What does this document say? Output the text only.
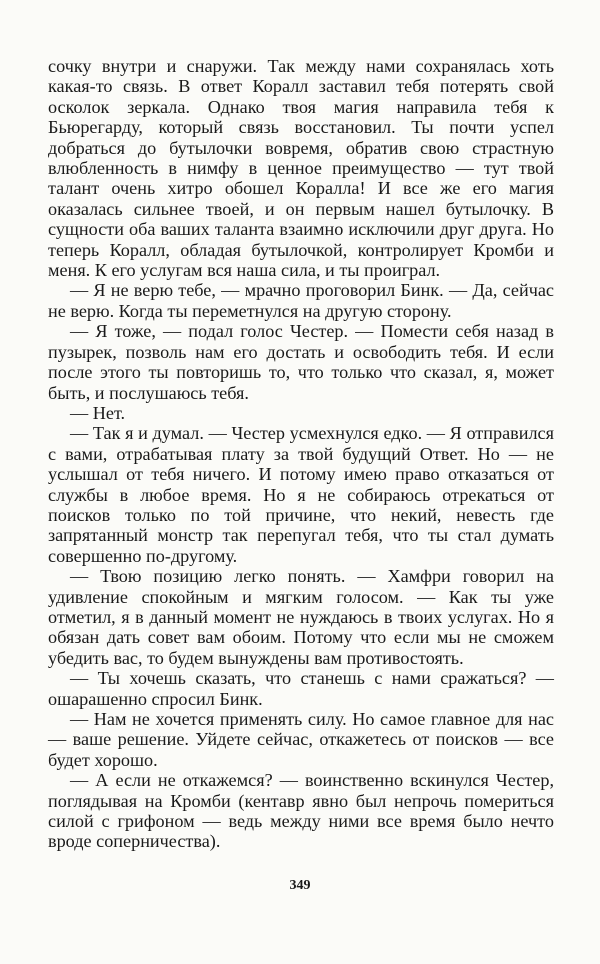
сочку внутри и снаружи. Так между нами сохранялась хоть какая-то связь. В ответ Коралл заставил тебя потерять свой осколок зеркала. Однако твоя магия направила тебя к Бьюрегарду, который связь восстановил. Ты почти успел добраться до бутылочки вовремя, обратив свою страстную влюбленность в нимфу в ценное преимущество — тут твой талант очень хитро обошел Коралла! И все же его магия оказалась сильнее твоей, и он первым нашел бутылочку. В сущности оба ваших таланта взаимно исключили друг друга. Но теперь Коралл, обладая бутылочкой, контролирует Кромби и меня. К его услугам вся наша сила, и ты проиграл.

— Я не верю тебе, — мрачно проговорил Бинк. — Да, сейчас не верю. Когда ты переметнулся на другую сторону.

— Я тоже, — подал голос Честер. — Помести себя назад в пузырек, позволь нам его достать и освободить тебя. И если после этого ты повторишь то, что только что сказал, я, может быть, и послушаюсь тебя.

— Нет.

— Так я и думал. — Честер усмехнулся едко. — Я отправился с вами, отрабатывая плату за твой будущий Ответ. Но — не услышал от тебя ничего. И потому имею право отказаться от службы в любое время. Но я не собираюсь отрекаться от поисков только по той причине, что некий, невесть где запрятанный монстр так перепугал тебя, что ты стал думать совершенно по-другому.

— Твою позицию легко понять. — Хамфри говорил на удивление спокойным и мягким голосом. — Как ты уже отметил, я в данный момент не нуждаюсь в твоих услугах. Но я обязан дать совет вам обоим. Потому что если мы не сможем убедить вас, то будем вынуждены вам противостоять.

— Ты хочешь сказать, что станешь с нами сражаться? — ошарашенно спросил Бинк.

— Нам не хочется применять силу. Но самое главное для нас — ваше решение. Уйдете сейчас, откажетесь от поисков — все будет хорошо.

— А если не откажемся? — воинственно вскинулся Честер, поглядывая на Кромби (кентавр явно был непрочь помериться силой с грифоном — ведь между ними все время было нечто вроде соперничества).

349
